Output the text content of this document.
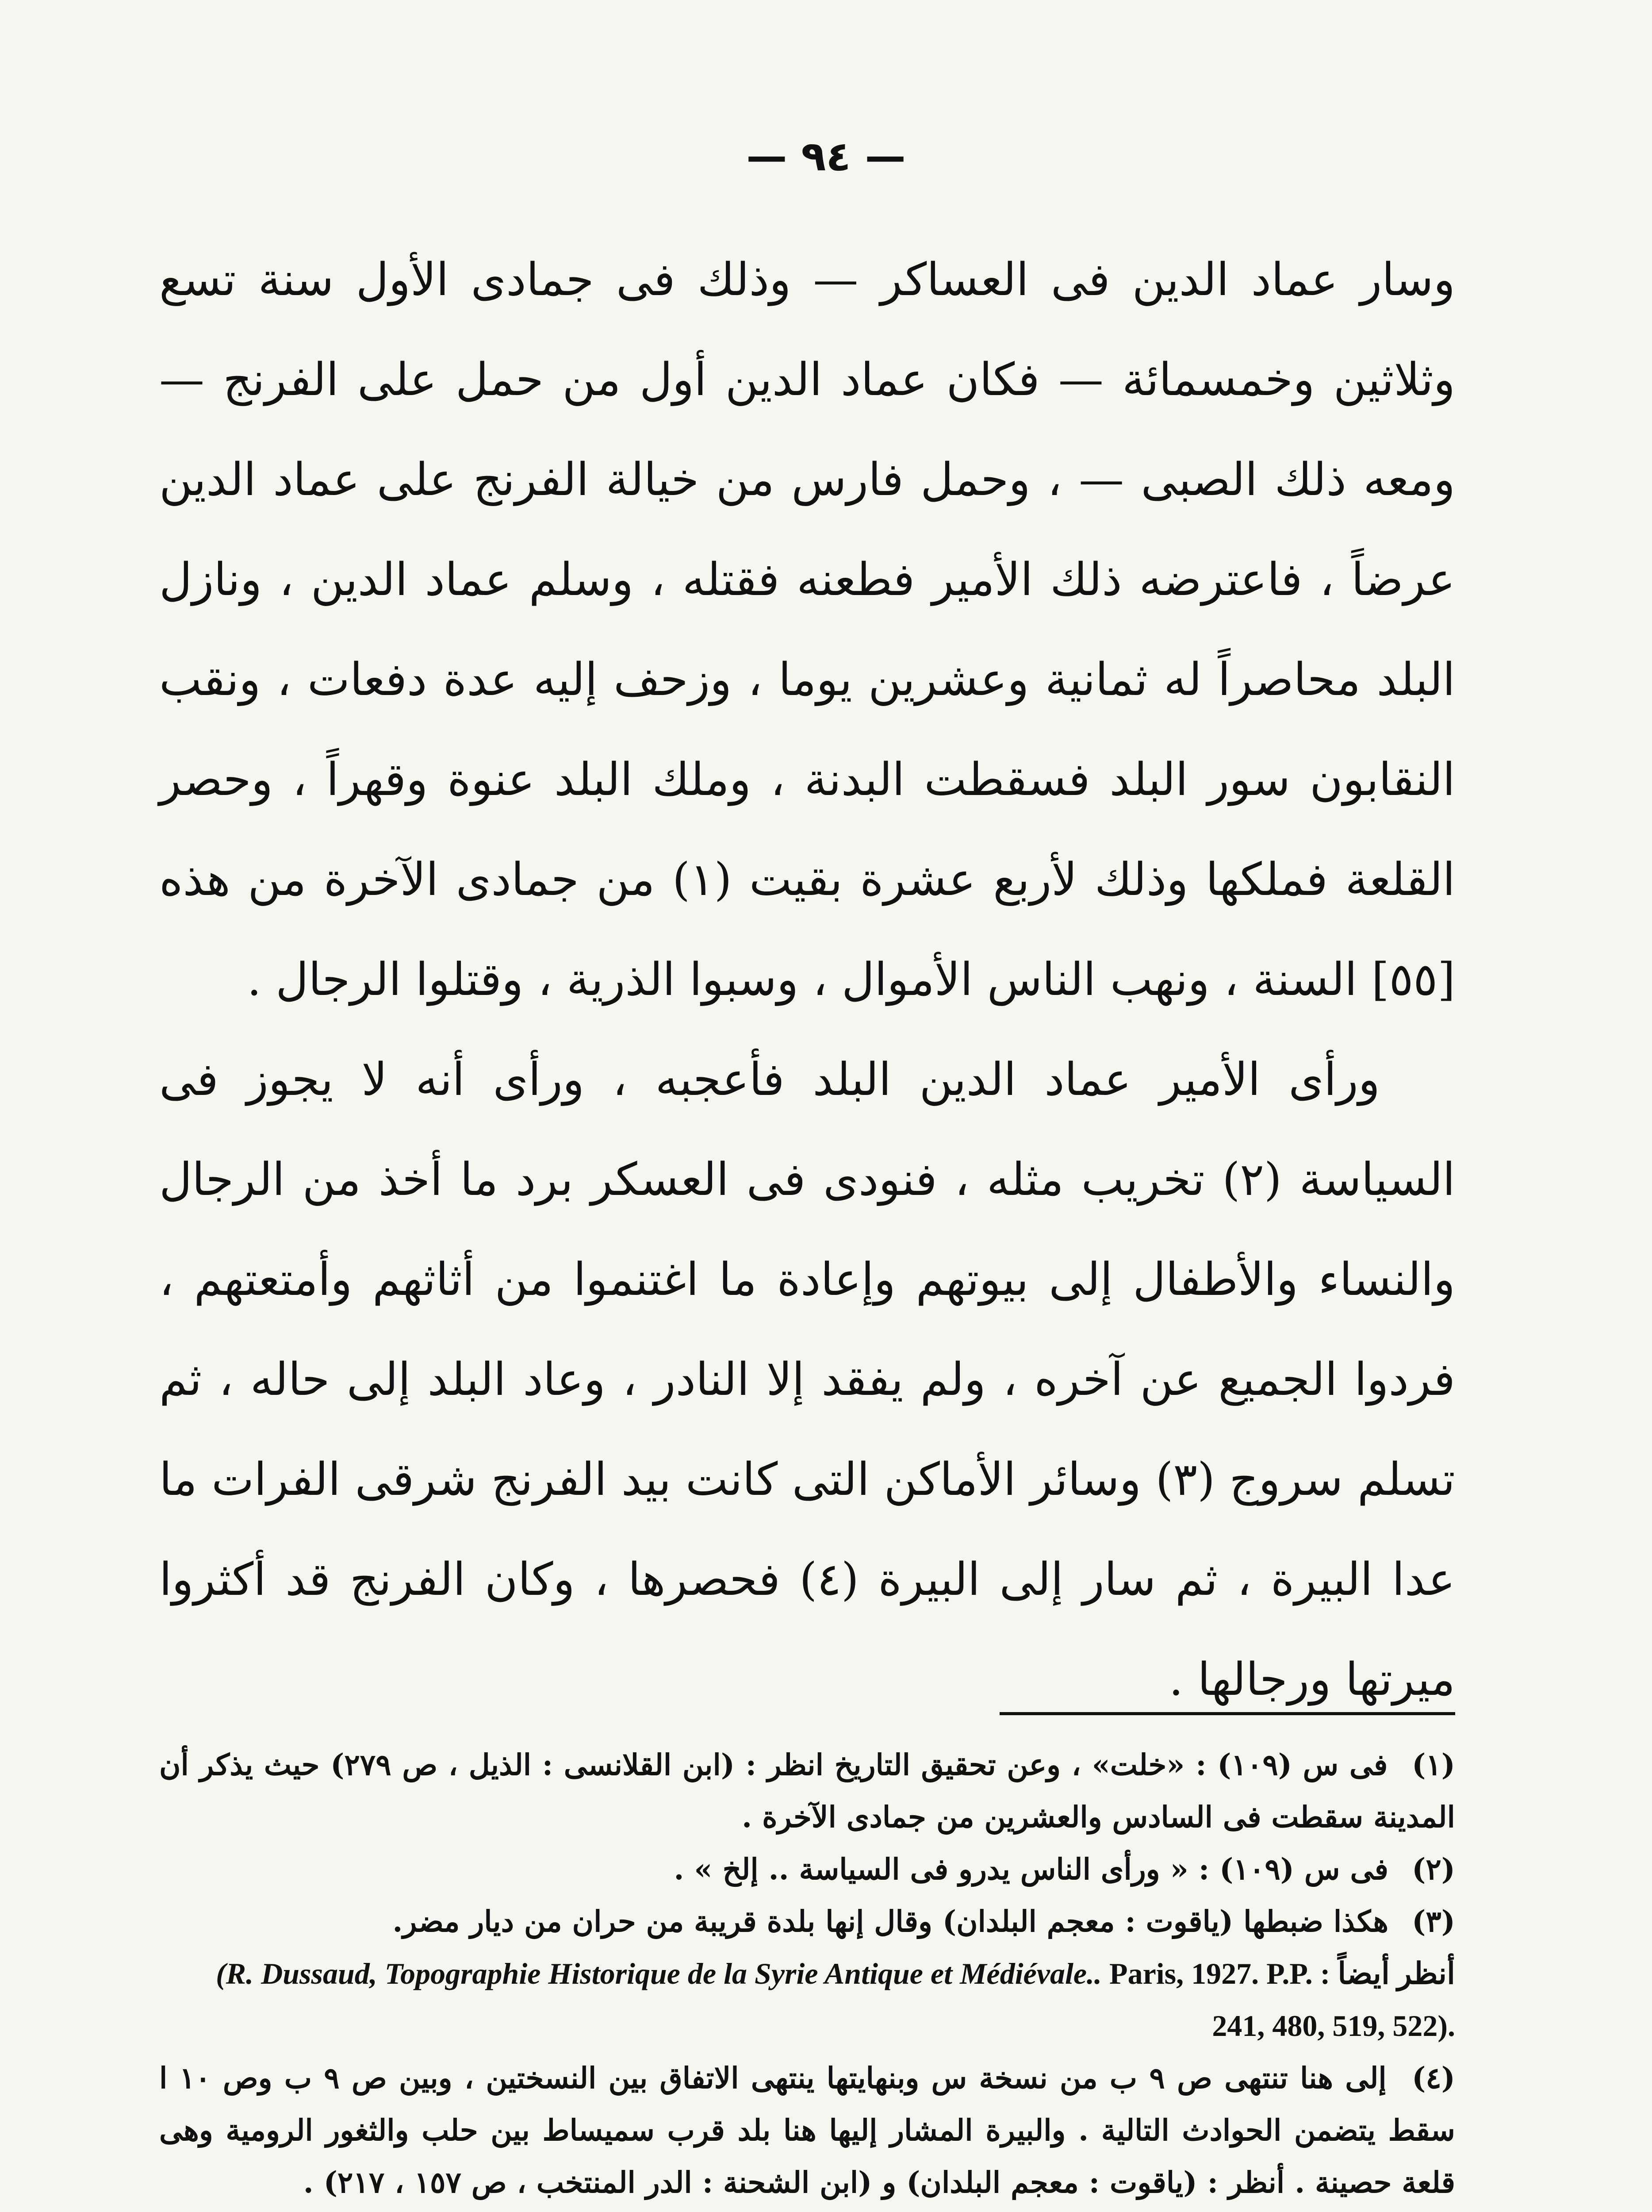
— ٩٤ —

وسار عماد الدين فى العساكر — وذلك فى جمادى الأول سنة تسع وثلاثين وخمسمائة — فكان عماد الدين أول من حمل على الفرنج — ومعه ذلك الصبى — ، وحمل فارس من خيالة الفرنج على عماد الدين عرضاً ، فاعترضه ذلك الأمير فطعنه فقتله ، وسلم عماد الدين ، ونازل البلد محاصراً له ثمانية وعشرين يوما ، وزحف إليه عدة دفعات ، ونقب النقابون سور البلد فسقطت البدنة ، وملك البلد عنوة وقهراً ، وحصر القلعة فملكها وذلك لأربع عشرة بقيت (١) من جمادى الآخرة من هذه [٥٥] السنة ، ونهب الناس الأموال ، وسبوا الذرية ، وقتلوا الرجال .

ورأى الأمير عماد الدين البلد فأعجبه ، ورأى أنه لا يجوز فى السياسة (٢) تخريب مثله ، فنودى فى العسكر برد ما أخذ من الرجال والنساء والأطفال إلى بيوتهم وإعادة ما اغتنموا من أثاثهم وأمتعتهم ، فردوا الجميع عن آخره ، ولم يفقد إلا النادر ، وعاد البلد إلى حاله ، ثم تسلم سروج (٣) وسائر الأماكن التى كانت بيد الفرنج شرقى الفرات ما عدا البيرة ، ثم سار إلى البيرة (٤) فحصرها ، وكان الفرنج قد أكثروا ميرتها ورجالها .

(١) فى س (١٠٩) : «خلت» ، وعن تحقيق التاريخ انظر : (ابن القلانسى : الذيل ، ص ٢٧٩) حيث يذكر أن المدينة سقطت فى السادس والعشرين من جمادى الآخرة .

(٢) فى س (١٠٩) : « ورأى الناس يدرو فى السياسة .. إلخ » .

(٣) هكذا ضبطها (ياقوت : معجم البلدان) وقال إنها بلدة قريبة من حران من ديار مضر.

أنظر أيضاً : (R. Dussaud, Topographie Historique de la Syrie Antique et Médiévale.. Paris, 1927. P.P. 241, 480, 519, 522).

(٤) إلى هنا تنتهى ص ٩ ب من نسخة س وبنهايتها ينتهى الاتفاق بين النسختين ، وبين ص ٩ ب وص ١٠ ا سقط يتضمن الحوادث التالية . والبيرة المشار إليها هنا بلد قرب سميساط بين حلب والثغور الرومية وهى قلعة حصينة . أنظر : (ياقوت : معجم البلدان) و (ابن الشحنة : الدر المنتخب ، ص ١٥٧ ، ٢١٧) .
